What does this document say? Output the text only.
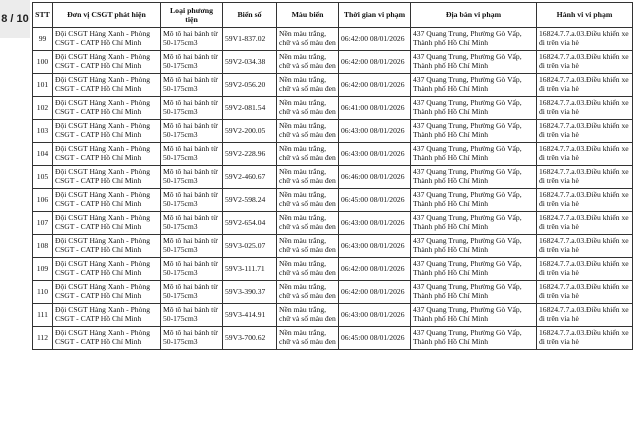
8 / 10 STT	Đơn vị CSGT phát hiện	Loại phương tiện	Biển số	Màu biển	Thời gian vi phạm	Địa bàn vi phạm	Hành vi vi phạm
99	Đội CSGT Hàng Xanh - Phòng CSGT - CATP Hồ Chí Minh	Mô tô hai bánh từ 50-175cm3	59V1-837.02	Nền màu trắng, chữ và số màu đen	06:42:00 08/01/2026	437 Quang Trung, Phường Gò Vấp, Thành phố Hồ Chí Minh	16824.7.7.a.03.Điều khiển xe đi trên vỉa hè
100	Đội CSGT Hàng Xanh - Phòng CSGT - CATP Hồ Chí Minh	Mô tô hai bánh từ 50-175cm3	59V2-034.38	Nền màu trắng, chữ và số màu đen	06:42:00 08/01/2026	437 Quang Trung, Phường Gò Vấp, Thành phố Hồ Chí Minh	16824.7.7.a.03.Điều khiển xe đi trên vỉa hè
101	Đội CSGT Hàng Xanh - Phòng CSGT - CATP Hồ Chí Minh	Mô tô hai bánh từ 50-175cm3	59V2-056.20	Nền màu trắng, chữ và số màu đen	06:42:00 08/01/2026	437 Quang Trung, Phường Gò Vấp, Thành phố Hồ Chí Minh	16824.7.7.a.03.Điều khiển xe đi trên vỉa hè
102	Đội CSGT Hàng Xanh - Phòng CSGT - CATP Hồ Chí Minh	Mô tô hai bánh từ 50-175cm3	59V2-081.54	Nền màu trắng, chữ và số màu đen	06:41:00 08/01/2026	437 Quang Trung, Phường Gò Vấp, Thành phố Hồ Chí Minh	16824.7.7.a.03.Điều khiển xe đi trên vỉa hè
103	Đội CSGT Hàng Xanh - Phòng CSGT - CATP Hồ Chí Minh	Mô tô hai bánh từ 50-175cm3	59V2-200.05	Nền màu trắng, chữ và số màu đen	06:43:00 08/01/2026	437 Quang Trung, Phường Gò Vấp, Thành phố Hồ Chí Minh	16824.7.7.a.03.Điều khiển xe đi trên vỉa hè
104	Đội CSGT Hàng Xanh - Phòng CSGT - CATP Hồ Chí Minh	Mô tô hai bánh từ 50-175cm3	59V2-228.96	Nền màu trắng, chữ và số màu đen	06:43:00 08/01/2026	437 Quang Trung, Phường Gò Vấp, Thành phố Hồ Chí Minh	16824.7.7.a.03.Điều khiển xe đi trên vỉa hè
105	Đội CSGT Hàng Xanh - Phòng CSGT - CATP Hồ Chí Minh	Mô tô hai bánh từ 50-175cm3	59V2-460.67	Nền màu trắng, chữ và số màu đen	06:46:00 08/01/2026	437 Quang Trung, Phường Gò Vấp, Thành phố Hồ Chí Minh	16824.7.7.a.03.Điều khiển xe đi trên vỉa hè
106	Đội CSGT Hàng Xanh - Phòng CSGT - CATP Hồ Chí Minh	Mô tô hai bánh từ 50-175cm3	59V2-598.24	Nền màu trắng, chữ và số màu đen	06:45:00 08/01/2026	437 Quang Trung, Phường Gò Vấp, Thành phố Hồ Chí Minh	16824.7.7.a.03.Điều khiển xe đi trên vỉa hè
107	Đội CSGT Hàng Xanh - Phòng CSGT - CATP Hồ Chí Minh	Mô tô hai bánh từ 50-175cm3	59V2-654.04	Nền màu trắng, chữ và số màu đen	06:43:00 08/01/2026	437 Quang Trung, Phường Gò Vấp, Thành phố Hồ Chí Minh	16824.7.7.a.03.Điều khiển xe đi trên vỉa hè
108	Đội CSGT Hàng Xanh - Phòng CSGT - CATP Hồ Chí Minh	Mô tô hai bánh từ 50-175cm3	59V3-025.07	Nền màu trắng, chữ và số màu đen	06:43:00 08/01/2026	437 Quang Trung, Phường Gò Vấp, Thành phố Hồ Chí Minh	16824.7.7.a.03.Điều khiển xe đi trên vỉa hè
109	Đội CSGT Hàng Xanh - Phòng CSGT - CATP Hồ Chí Minh	Mô tô hai bánh từ 50-175cm3	59V3-111.71	Nền màu trắng, chữ và số màu đen	06:42:00 08/01/2026	437 Quang Trung, Phường Gò Vấp, Thành phố Hồ Chí Minh	16824.7.7.a.03.Điều khiển xe đi trên vỉa hè
110	Đội CSGT Hàng Xanh - Phòng CSGT - CATP Hồ Chí Minh	Mô tô hai bánh từ 50-175cm3	59V3-390.37	Nền màu trắng, chữ và số màu đen	06:42:00 08/01/2026	437 Quang Trung, Phường Gò Vấp, Thành phố Hồ Chí Minh	16824.7.7.a.03.Điều khiển xe đi trên vỉa hè
111	Đội CSGT Hàng Xanh - Phòng CSGT - CATP Hồ Chí Minh	Mô tô hai bánh từ 50-175cm3	59V3-414.91	Nền màu trắng, chữ và số màu đen	06:43:00 08/01/2026	437 Quang Trung, Phường Gò Vấp, Thành phố Hồ Chí Minh	16824.7.7.a.03.Điều khiển xe đi trên vỉa hè
112	Đội CSGT Hàng Xanh - Phòng CSGT - CATP Hồ Chí Minh	Mô tô hai bánh từ 50-175cm3	59V3-700.62	Nền màu trắng, chữ và số màu đen	06:45:00 08/01/2026	437 Quang Trung, Phường Gò Vấp, Thành phố Hồ Chí Minh	16824.7.7.a.03.Điều khiển xe đi trên vỉa hè
